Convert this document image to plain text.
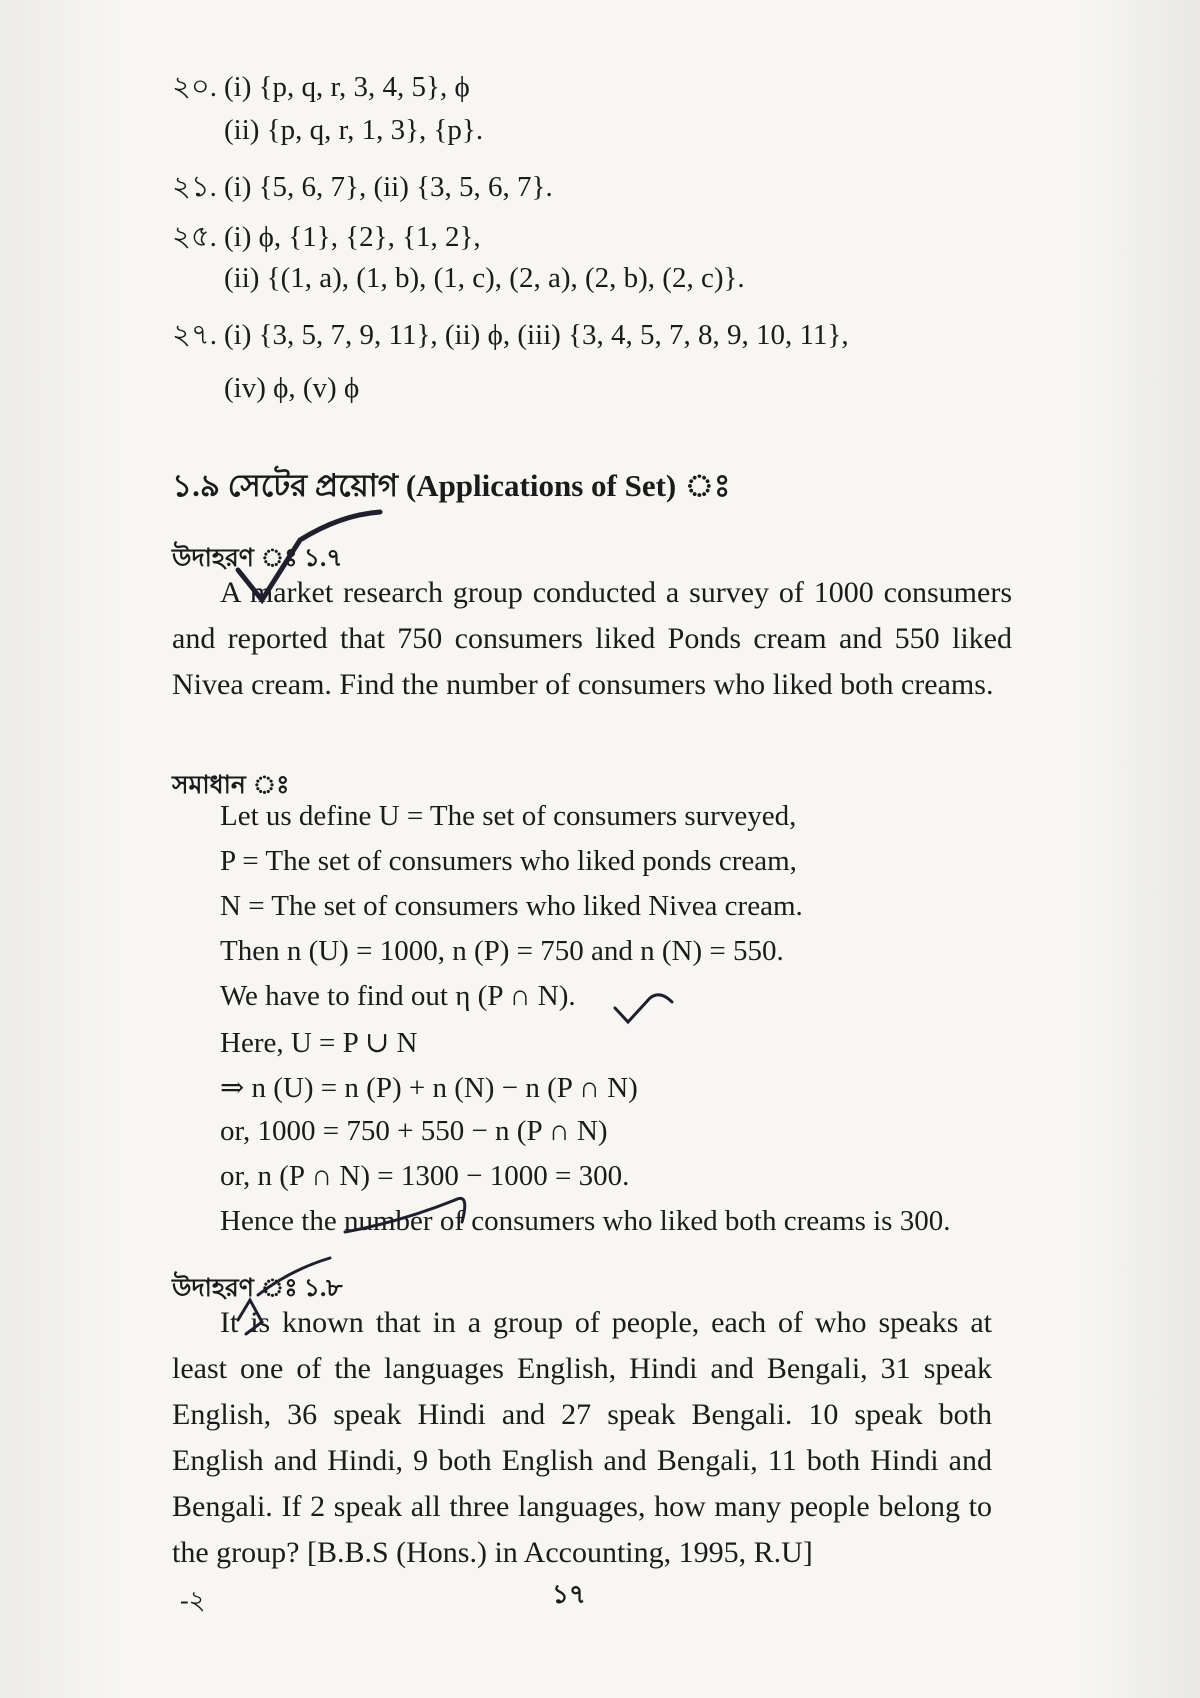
২০. (i) {p, q, r, 3, 4, 5}, ϕ
(ii) {p, q, r, 1, 3}, {p}.
২১. (i) {5, 6, 7}, (ii) {3, 5, 6, 7}.
২৫. (i) ϕ, {1}, {2}, {1, 2},
(ii) {(1, a), (1, b), (1, c), (2, a), (2, b), (2, c)}.
২৭. (i) {3, 5, 7, 9, 11}, (ii) ϕ, (iii) {3, 4, 5, 7, 8, 9, 10, 11},
(iv) ϕ, (v) ϕ
১.৯ সেটের প্রয়োগ (Applications of Set)
উদাহরণ ঃ ১.৭
A market research group conducted a survey of 1000 consumers and reported that 750 consumers liked Ponds cream and 550 liked Nivea cream. Find the number of consumers who liked both creams.
সমাধান ঃ
Let us define U = The set of consumers surveyed,
P = The set of consumers who liked ponds cream,
N = The set of consumers who liked Nivea cream.
Then n (U) = 1000, n (P) = 750 and n (N) = 550.
We have to find out η (P ∩ N).
Here, U = P ∪ N
⇒ n (U) = n (P) + n (N) − n (P ∩ N)
or, 1000 = 750 + 550 − n (P ∩ N)
or, n (P ∩ N) = 1300 − 1000 = 300.
Hence the number of consumers who liked both creams is 300.
উদাহরণ ঃ ১.৮
It is known that in a group of people, each of who speaks at least one of the languages English, Hindi and Bengali, 31 speak English, 36 speak Hindi and 27 speak Bengali. 10 speak both English and Hindi, 9 both English and Bengali, 11 both Hindi and Bengali. If 2 speak all three languages, how many people belong to the group? [B.B.S (Hons.) in Accounting, 1995, R.U]
-২	১৭
